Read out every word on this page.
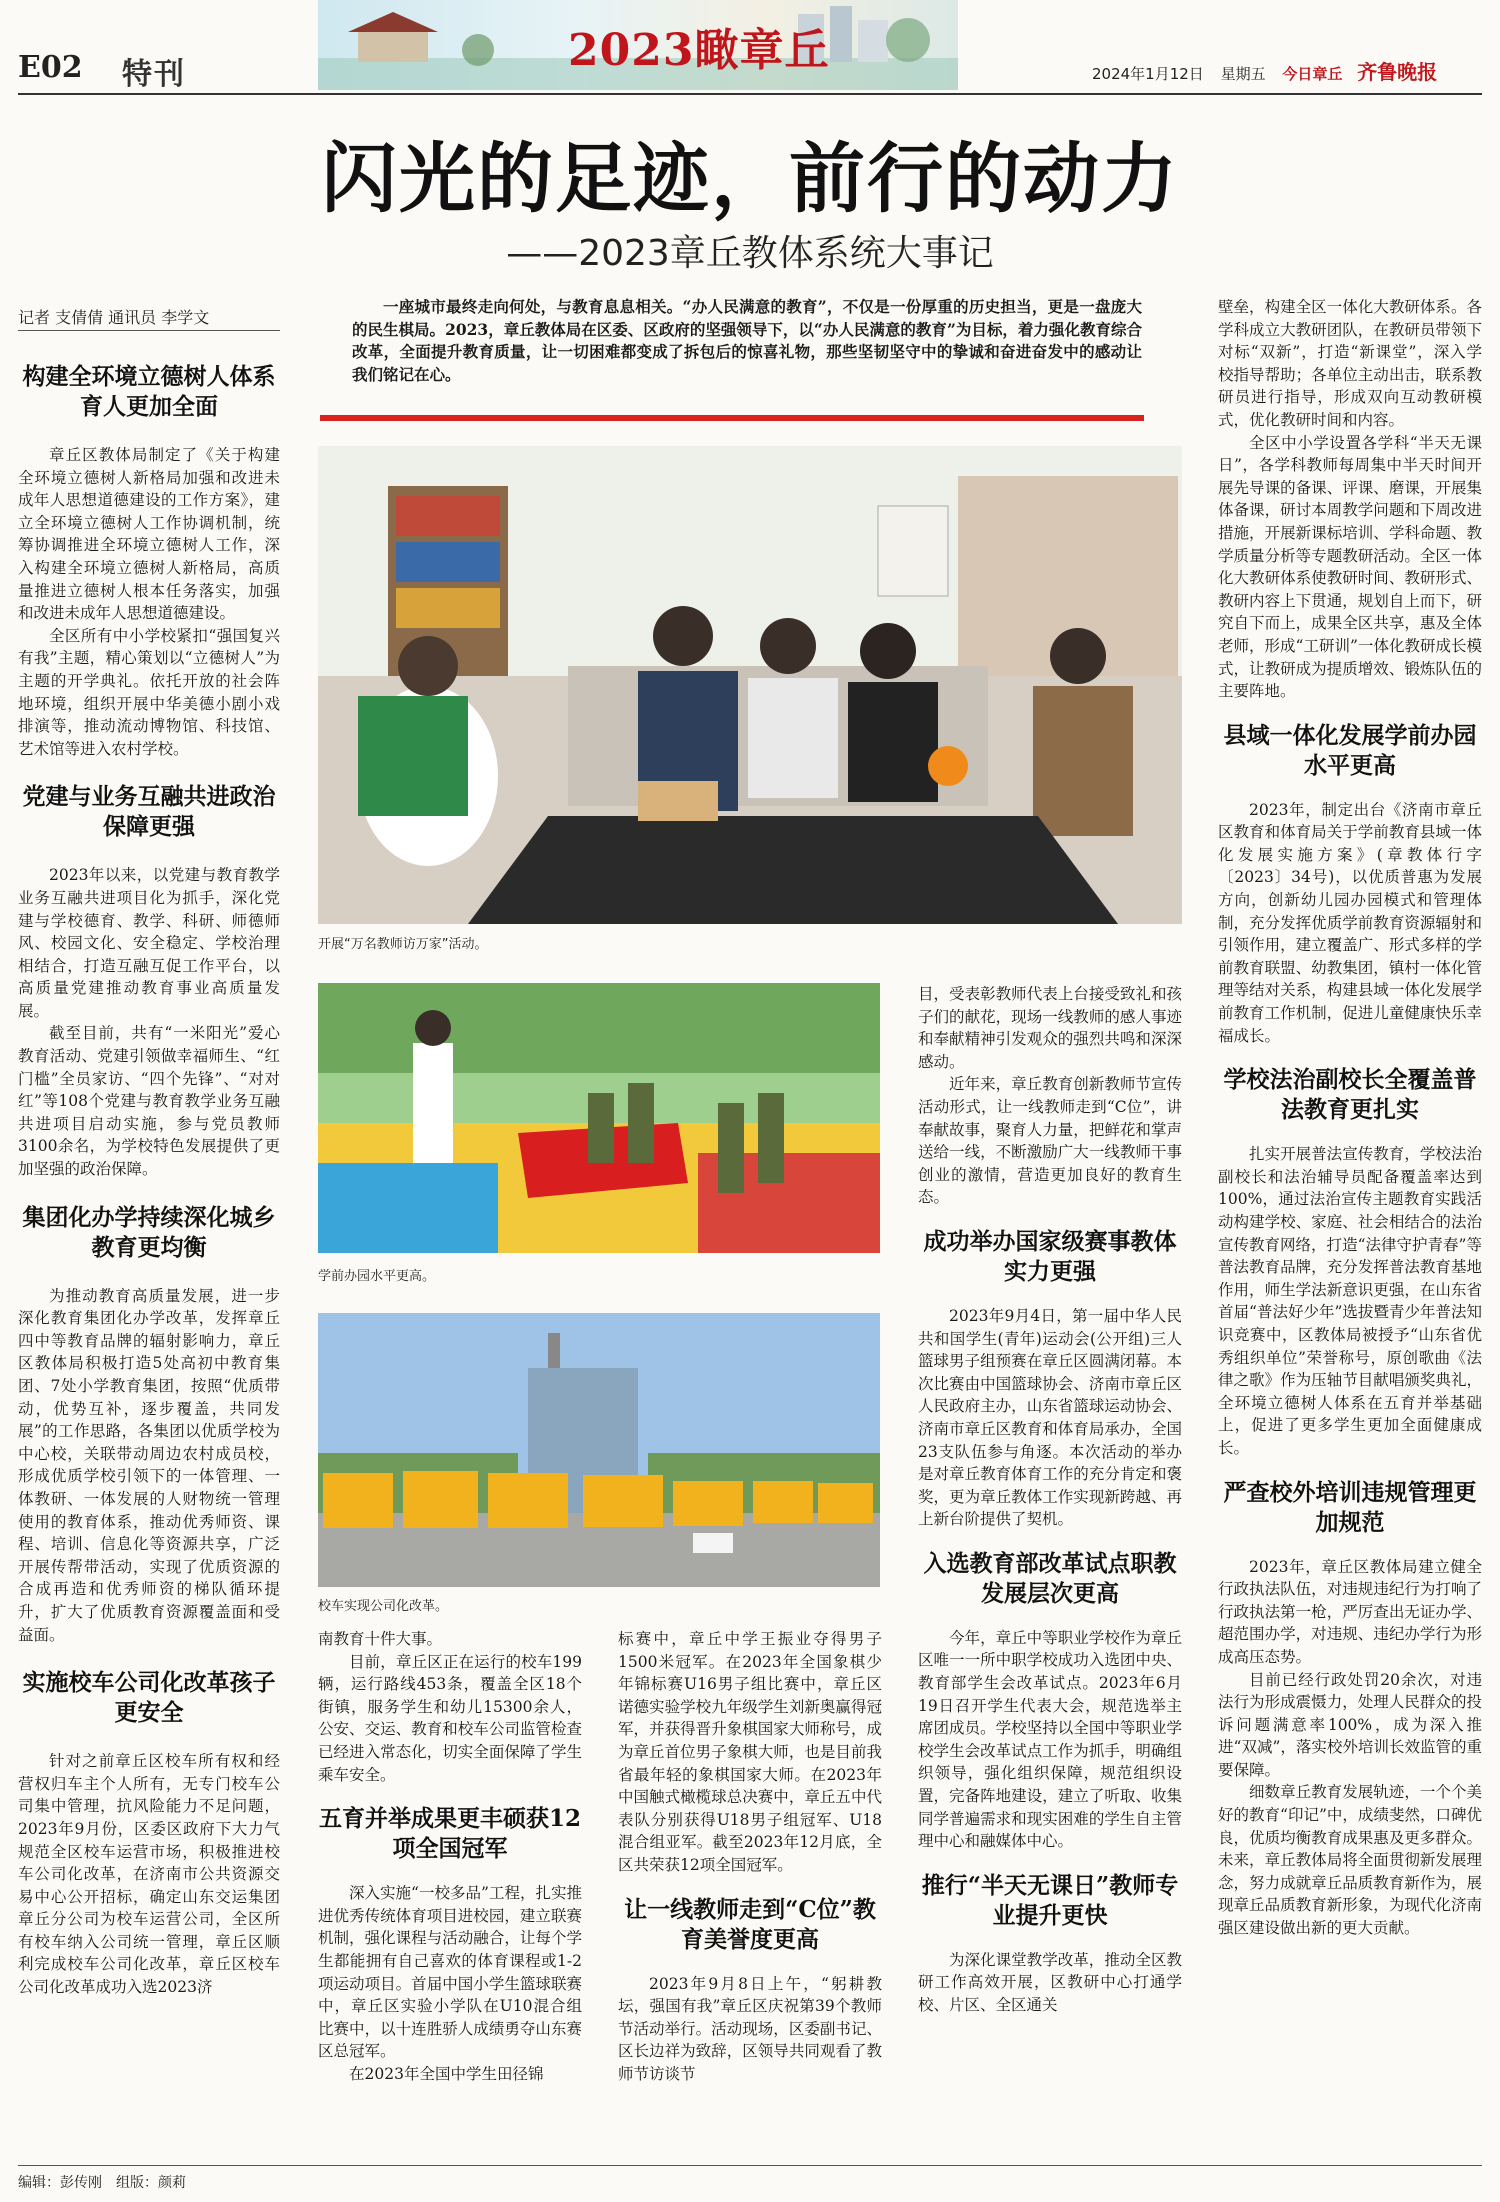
E02 特刊	2023瞰章丘	2024年1月12日 星期五 今日章丘 齐鲁晚报
闪光的足迹，前行的动力
——2023章丘教体系统大事记
记者 支倩倩 通讯员 李学文
一座城市最终走向何处，与教育息息相关。“办人民满意的教育”，不仅是一份厚重的历史担当，更是一盘庞大的民生棋局。2023，章丘教体局在区委、区政府的坚强领导下，以“办人民满意的教育”为目标，着力强化教育综合改革，全面提升教育质量，让一切困难都变成了拆包后的惊喜礼物，那些坚韧坚守中的挚诚和奋进奋发中的感动让我们铭记在心。

构建全环境立德树人体系育人更加全面

章丘区教体局制定了《关于构建全环境立德树人新格局加强和改进未成年人思想道德建设的工作方案》，建立全环境立德树人工作协调机制，统筹协调推进全环境立德树人工作，深入构建全环境立德树人新格局，高质量推进立德树人根本任务落实，加强和改进未成年人思想道德建设。

全区所有中小学校紧扣“强国复兴有我”主题，精心策划以“立德树人”为主题的开学典礼。依托开放的社会阵地环境，组织开展中华美德小剧小戏排演等，推动流动博物馆、科技馆、艺术馆等进入农村学校。

党建与业务互融共进政治保障更强

2023年以来，以党建与教育教学业务互融共进项目化为抓手，深化党建与学校德育、教学、科研、师德师风、校园文化、安全稳定、学校治理相结合，打造互融互促工作平台，以高质量党建推动教育事业高质量发展。

截至目前，共有“一米阳光”爱心教育活动、党建引领做幸福师生、“红门槛”全员家访、“四个先锋”、“对对红”等108个党建与教育教学业务互融共进项目启动实施，参与党员教师3100余名，为学校特色发展提供了更加坚强的政治保障。

集团化办学持续深化城乡教育更均衡

为推动教育高质量发展，进一步深化教育集团化办学改革，发挥章丘四中等教育品牌的辐射影响力，章丘区教体局积极打造5处高初中教育集团、7处小学教育集团，按照“优质带动，优势互补，逐步覆盖，共同发展”的工作思路，各集团以优质学校为中心校，关联带动周边农村成员校，形成优质学校引领下的一体管理、一体教研、一体发展的人财物统一管理使用的教育体系，推动优秀师资、课程、培训、信息化等资源共享，广泛开展传帮带活动，实现了优质资源的合成再造和优秀师资的梯队循环提升，扩大了优质教育资源覆盖面和受益面。

实施校车公司化改革孩子更安全

针对之前章丘区校车所有权和经营权归车主个人所有，无专门校车公司集中管理，抗风险能力不足问题，2023年9月份，区委区政府下大力气规范全区校车运营市场，积极推进校车公司化改革，在济南市公共资源交易中心公开招标，确定山东交运集团章丘分公司为校车运营公司，全区所有校车纳入公司统一管理，章丘区顺利完成校车公司化改革，章丘区校车公司化改革成功入选2023济

开展“万名教师访万家”活动。
学前办园水平更高。
校车实现公司化改革。

南教育十件大事。

目前，章丘区正在运行的校车199辆，运行路线453条，覆盖全区18个街镇，服务学生和幼儿15300余人，公安、交运、教育和校车公司监管检查已经进入常态化，切实全面保障了学生乘车安全。

五育并举成果更丰硕获12项全国冠军

深入实施“一校多品”工程，扎实推进优秀传统体育项目进校园，建立联赛机制，强化课程与活动融合，让每个学生都能拥有自己喜欢的体育课程或1-2项运动项目。首届中国小学生篮球联赛中，章丘区实验小学队在U10混合组比赛中，以十连胜骄人成绩勇夺山东赛区总冠军。

在2023年全国中学生田径锦

标赛中，章丘中学王振业夺得男子1500米冠军。在2023年全国象棋少年锦标赛U16男子组比赛中，章丘区诺德实验学校九年级学生刘新奥赢得冠军，并获得晋升象棋国家大师称号，成为章丘首位男子象棋大师，也是目前我省最年轻的象棋国家大师。在2023年中国触式橄榄球总决赛中，章丘五中代表队分别获得U18男子组冠军、U18混合组亚军。截至2023年12月底，全区共荣获12项全国冠军。

让一线教师走到“C位”教育美誉度更高

2023年9月8日上午，“躬耕教坛，强国有我”章丘区庆祝第39个教师节活动举行。活动现场，区委副书记、区长边祥为致辞，区领导共同观看了教师节访谈节

目，受表彰教师代表上台接受致礼和孩子们的献花，现场一线教师的感人事迹和奉献精神引发观众的强烈共鸣和深深感动。

近年来，章丘教育创新教师节宣传活动形式，让一线教师走到“C位”，讲奉献故事，聚育人力量，把鲜花和掌声送给一线，不断激励广大一线教师干事创业的激情，营造更加良好的教育生态。

成功举办国家级赛事教体实力更强

2023年9月4日，第一届中华人民共和国学生(青年)运动会(公开组)三人篮球男子组预赛在章丘区圆满闭幕。本次比赛由中国篮球协会、济南市章丘区人民政府主办，山东省篮球运动协会、济南市章丘区教育和体育局承办，全国23支队伍参与角逐。本次活动的举办是对章丘教育体育工作的充分肯定和褒奖，更为章丘教体工作实现新跨越、再上新台阶提供了契机。

入选教育部改革试点职教发展层次更高

今年，章丘中等职业学校作为章丘区唯一一所中职学校成功入选团中央、教育部学生会改革试点。2023年6月19日召开学生代表大会，规范选举主席团成员。学校坚持以全国中等职业学校学生会改革试点工作为抓手，明确组织领导，强化组织保障，规范组织设置，完备阵地建设，建立了听取、收集同学普遍需求和现实困难的学生自主管理中心和融媒体中心。

推行“半天无课日”教师专业提升更快

为深化课堂教学改革，推动全区教研工作高效开展，区教研中心打通学校、片区、全区通关

壁垒，构建全区一体化大教研体系。各学科成立大教研团队，在教研员带领下对标“双新”，打造“新课堂”，深入学校指导帮助；各单位主动出击，联系教研员进行指导，形成双向互动教研模式，优化教研时间和内容。

全区中小学设置各学科“半天无课日”，各学科教师每周集中半天时间开展先导课的备课、评课、磨课，开展集体备课，研讨本周教学问题和下周改进措施，开展新课标培训、学科命题、教学质量分析等专题教研活动。全区一体化大教研体系使教研时间、教研形式、教研内容上下贯通，规划自上而下，研究自下而上，成果全区共享，惠及全体老师，形成“工研训”一体化教研成长模式，让教研成为提质增效、锻炼队伍的主要阵地。

县域一体化发展学前办园水平更高

2023年，制定出台《济南市章丘区教育和体育局关于学前教育县域一体化发展实施方案》(章教体行字〔2023〕34号)，以优质普惠为发展方向，创新幼儿园办园模式和管理体制，充分发挥优质学前教育资源辐射和引领作用，建立覆盖广、形式多样的学前教育联盟、幼教集团，镇村一体化管理等结对关系，构建县域一体化发展学前教育工作机制，促进儿童健康快乐幸福成长。

学校法治副校长全覆盖普法教育更扎实

扎实开展普法宣传教育，学校法治副校长和法治辅导员配备覆盖率达到100%，通过法治宣传主题教育实践活动构建学校、家庭、社会相结合的法治宣传教育网络，打造“法律守护青春”等普法教育品牌，充分发挥普法教育基地作用，师生学法新意识更强，在山东省首届“普法好少年”选拔暨青少年普法知识竞赛中，区教体局被授予“山东省优秀组织单位”荣誉称号，原创歌曲《法律之歌》作为压轴节目献唱颁奖典礼，全环境立德树人体系在五育并举基础上，促进了更多学生更加全面健康成长。

严查校外培训违规管理更加规范

2023年，章丘区教体局建立健全行政执法队伍，对违规违纪行为打响了行政执法第一枪，严厉查出无证办学、超范围办学，对违规、违纪办学行为形成高压态势。

目前已经行政处罚20余次，对违法行为形成震慑力，处理人民群众的投诉问题满意率100%，成为深入推进“双减”，落实校外培训长效监管的重要保障。

细数章丘教育发展轨迹，一个个美好的教育“印记”中，成绩斐然，口碑优良，优质均衡教育成果惠及更多群众。未来，章丘教体局将全面贯彻新发展理念，努力成就章丘品质教育新作为，展现章丘品质教育新形象，为现代化济南强区建设做出新的更大贡献。

编辑：彭传刚　组版：颜莉
